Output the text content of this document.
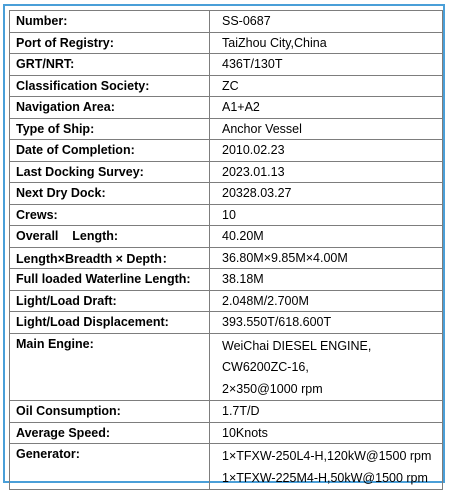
Number:	SS-0687
Port of Registry:	TaiZhou City,China
GRT/NRT:	436T/130T
Classification Society:	ZC
Navigation Area:	A1+A2
Type of Ship:	Anchor Vessel
Date of Completion:	2010.02.23
Last Docking Survey:	2023.01.13
Next Dry Dock:	20328.03.27
Crews:	10
Overall    Length:	40.20M
Length×Breadth × Depth：	36.80M×9.85M×4.00M
Full loaded Waterline Length:	38.18M
Light/Load Draft:	2.048M/2.700M
Light/Load Displacement:	393.550T/618.600T

Main Engine:	WeiChai DIESEL ENGINE,
CW6200ZC-16,
2×350@1000 rpm

Oil Consumption:	1.7T/D
Average Speed:	10Knots

Generator:	1×TFXW-250L4-H,120kW@1500 rpm
1×TFXW-225M4-H,50kW@1500 rpm
